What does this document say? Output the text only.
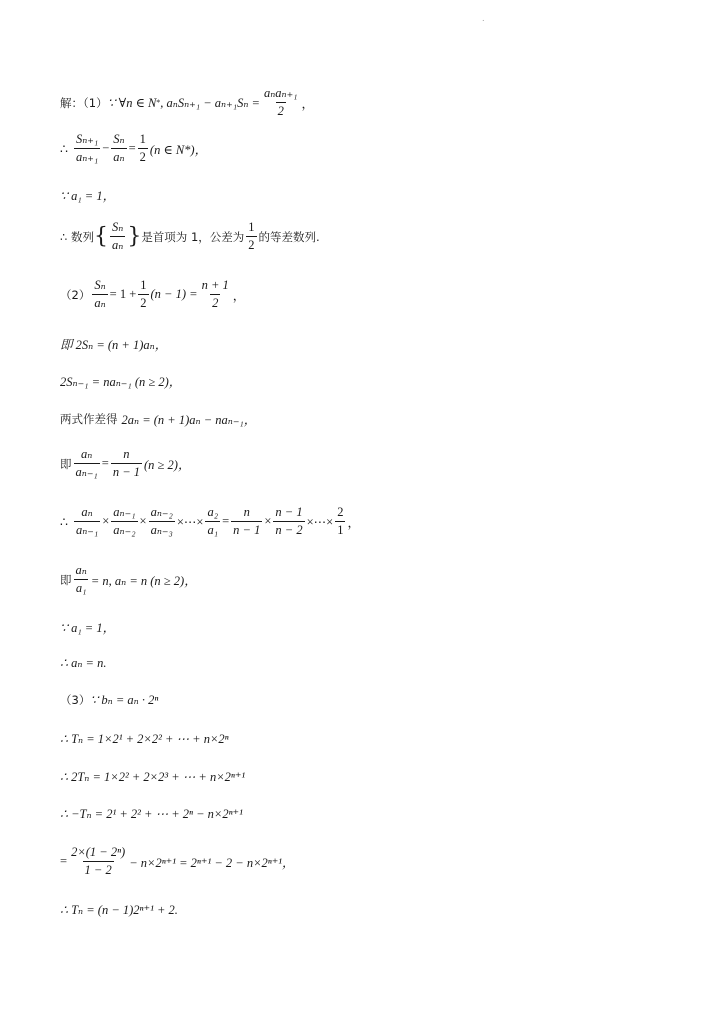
.
解：（1） ∵ ∀n ∈ N * , $a_nS_{n+1} - a_{n+1}S_n = \frac{\text{aₙaₙ₊₁}}{2}$ ，
∴ $\frac{\text{Sₙ₊₁}}{\text{aₙ₊₁}} - \frac{\text{Sₙ}}{\text{aₙ}} = \frac{1}{2} (n$ ∈ N*)，
∵ a₁ = 1，
∴ 数列 { $\frac{\text{Sₙ}}{\text{aₙ}}$ } 是首项为 1，公差为 $\frac{1}{2}$ 的等差数列.
$(2) \frac{\text{Sₙ}}{\text{aₙ}} = 1 + \frac{1}{2} (n - 1) = \frac{n + 1}{2}$ ，
即 2Sₙ = (n + 1)aₙ，
2Sₙ₋₁ = naₙ₋₁ (n ≥ 2)，
两式作差得 2aₙ = (n + 1)aₙ − naₙ₋₁，
即 $\frac{\text{aₙ}}{\text{aₙ₋₁}} = \frac{n}{n - 1} (n \ge 2)$，
∴ $\frac{\text{aₙ}}{\text{aₙ₋₁}} \times \frac{\text{aₙ₋₁}}{\text{aₙ₋₂}} \times \frac{\text{aₙ₋₂}}{\text{aₙ₋₃}}$ ×⋯× $\frac{\text{a₂}}{\text{a₁}} = \frac{n}{n - 1} \times \frac{n - 1}{n - 2}$ ×⋯× $\frac{2}{1}$ ，
即 $\frac{\text{aₙ}}{\text{a₁}} = n$, aₙ = n (n ≥ 2)，
∵ a₁ = 1，
∴ aₙ = n.
（3） ∵ bₙ = aₙ · 2ⁿ
∴ Tₙ = 1×2¹ + 2×2² + ⋯ + n×2ⁿ
∴ 2Tₙ = 1×2² + 2×2³ + ⋯ + n×2ⁿ⁺¹
∴ −Tₙ = 2¹ + 2² + ⋯ + 2ⁿ − n×2ⁿ⁺¹
= $\frac{\text{2×(1 − 2ⁿ)}}{1 - 2} - n\times 2^{n+1} = 2^{n+1} - 2 - n\times 2^{n+1}$，
∴ Tₙ = (n − 1)2ⁿ⁺¹ + 2.
